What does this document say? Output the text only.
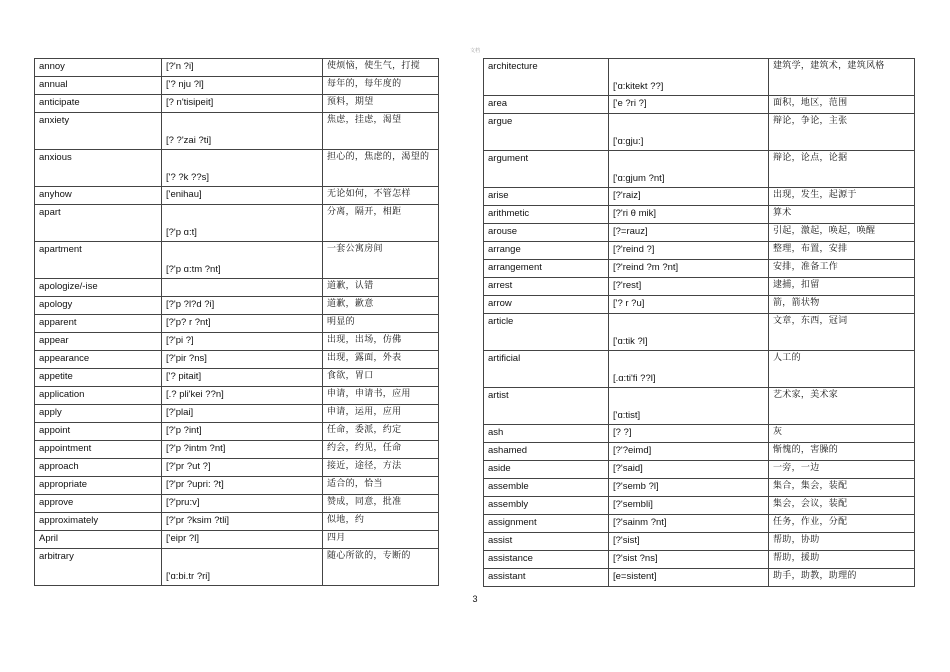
文档
annoy	[?'n ?i]	使烦恼，使生气，打搅
annual	['? nju ?l]	每年的，每年度的
anticipate	[? n'tisipeit]	预料，期望
anxiety	[? ?'zai ?ti]	焦虑，挂虑，渴望
anxious	['? ?k ??s]	担心的，焦虑的，渴望的
anyhow	['enihau]	无论如何，不管怎样
apart	[?'p ɑ:t]	分离，隔开，相距
apartment	[?'p ɑ:tm ?nt]	一套公寓房间
apologize/-ise		道歉，认错
apology	[?'p ?l?d ?i]	道歉，歉意
apparent	[?'p? r ?nt]	明显的
appear	[?'pi ?]	出现，出场，仿佛
appearance	[?'pir ?ns]	出现，露面，外表
appetite	['? pitait]	食欲，胃口
application	[.? pli'kei ??n]	申请，申请书，应用
apply	[?'plai]	申请，运用，应用
appoint	[?'p ?int]	任命，委派，约定
appointment	[?'p ?intm ?nt]	约会，约见，任命
approach	[?'pr ?ut ?]	接近，途径，方法
appropriate	[?'pr ?upri: ?t]	适合的，恰当
approve	[?'pru:v]	赞成，同意，批准
approximately	[?'pr ?ksim ?tli]	似地，约
April	['eipr ?l]	四月
arbitrary	['ɑ:bi.tr ?ri]	随心所欲的，专断的
architecture	['ɑ:kitekt ??]	建筑学，建筑术，建筑风格
area	['e ?ri ?]	面积，地区，范围
argue	['ɑ:gju:]	辩论，争论，主张
argument	['ɑ:gjum ?nt]	辩论，论点，论据
arise	[?'raiz]	出现，发生，起源于
arithmetic	[?'ri θ mik]	算术
arouse	[?=rauz]	引起，激起，唤起，唤醒
arrange	[?'reind ?]	整理，布置，安排
arrangement	[?'reind ?m ?nt]	安排，准备工作
arrest	[?'rest]	逮捕，扣留
arrow	['? r ?u]	箭，箭状物
article	['ɑ:tik ?l]	文章，东西，冠词
artificial	[.ɑ:ti'fi ??l]	人工的
artist	['ɑ:tist]	艺术家，美术家
ash	[? ?]	灰
ashamed	[?'?eimd]	惭愧的，害臊的
aside	[?'said]	一旁，一边
assemble	[?'semb ?l]	集合，集会，装配
assembly	[?'sembli]	集会，会议，装配
assignment	[?'sainm ?nt]	任务，作业，分配
assist	[?'sist]	帮助，协助
assistance	[?'sist ?ns]	帮助，援助
assistant	[e=sistent]	助手，助教，助理的
3
